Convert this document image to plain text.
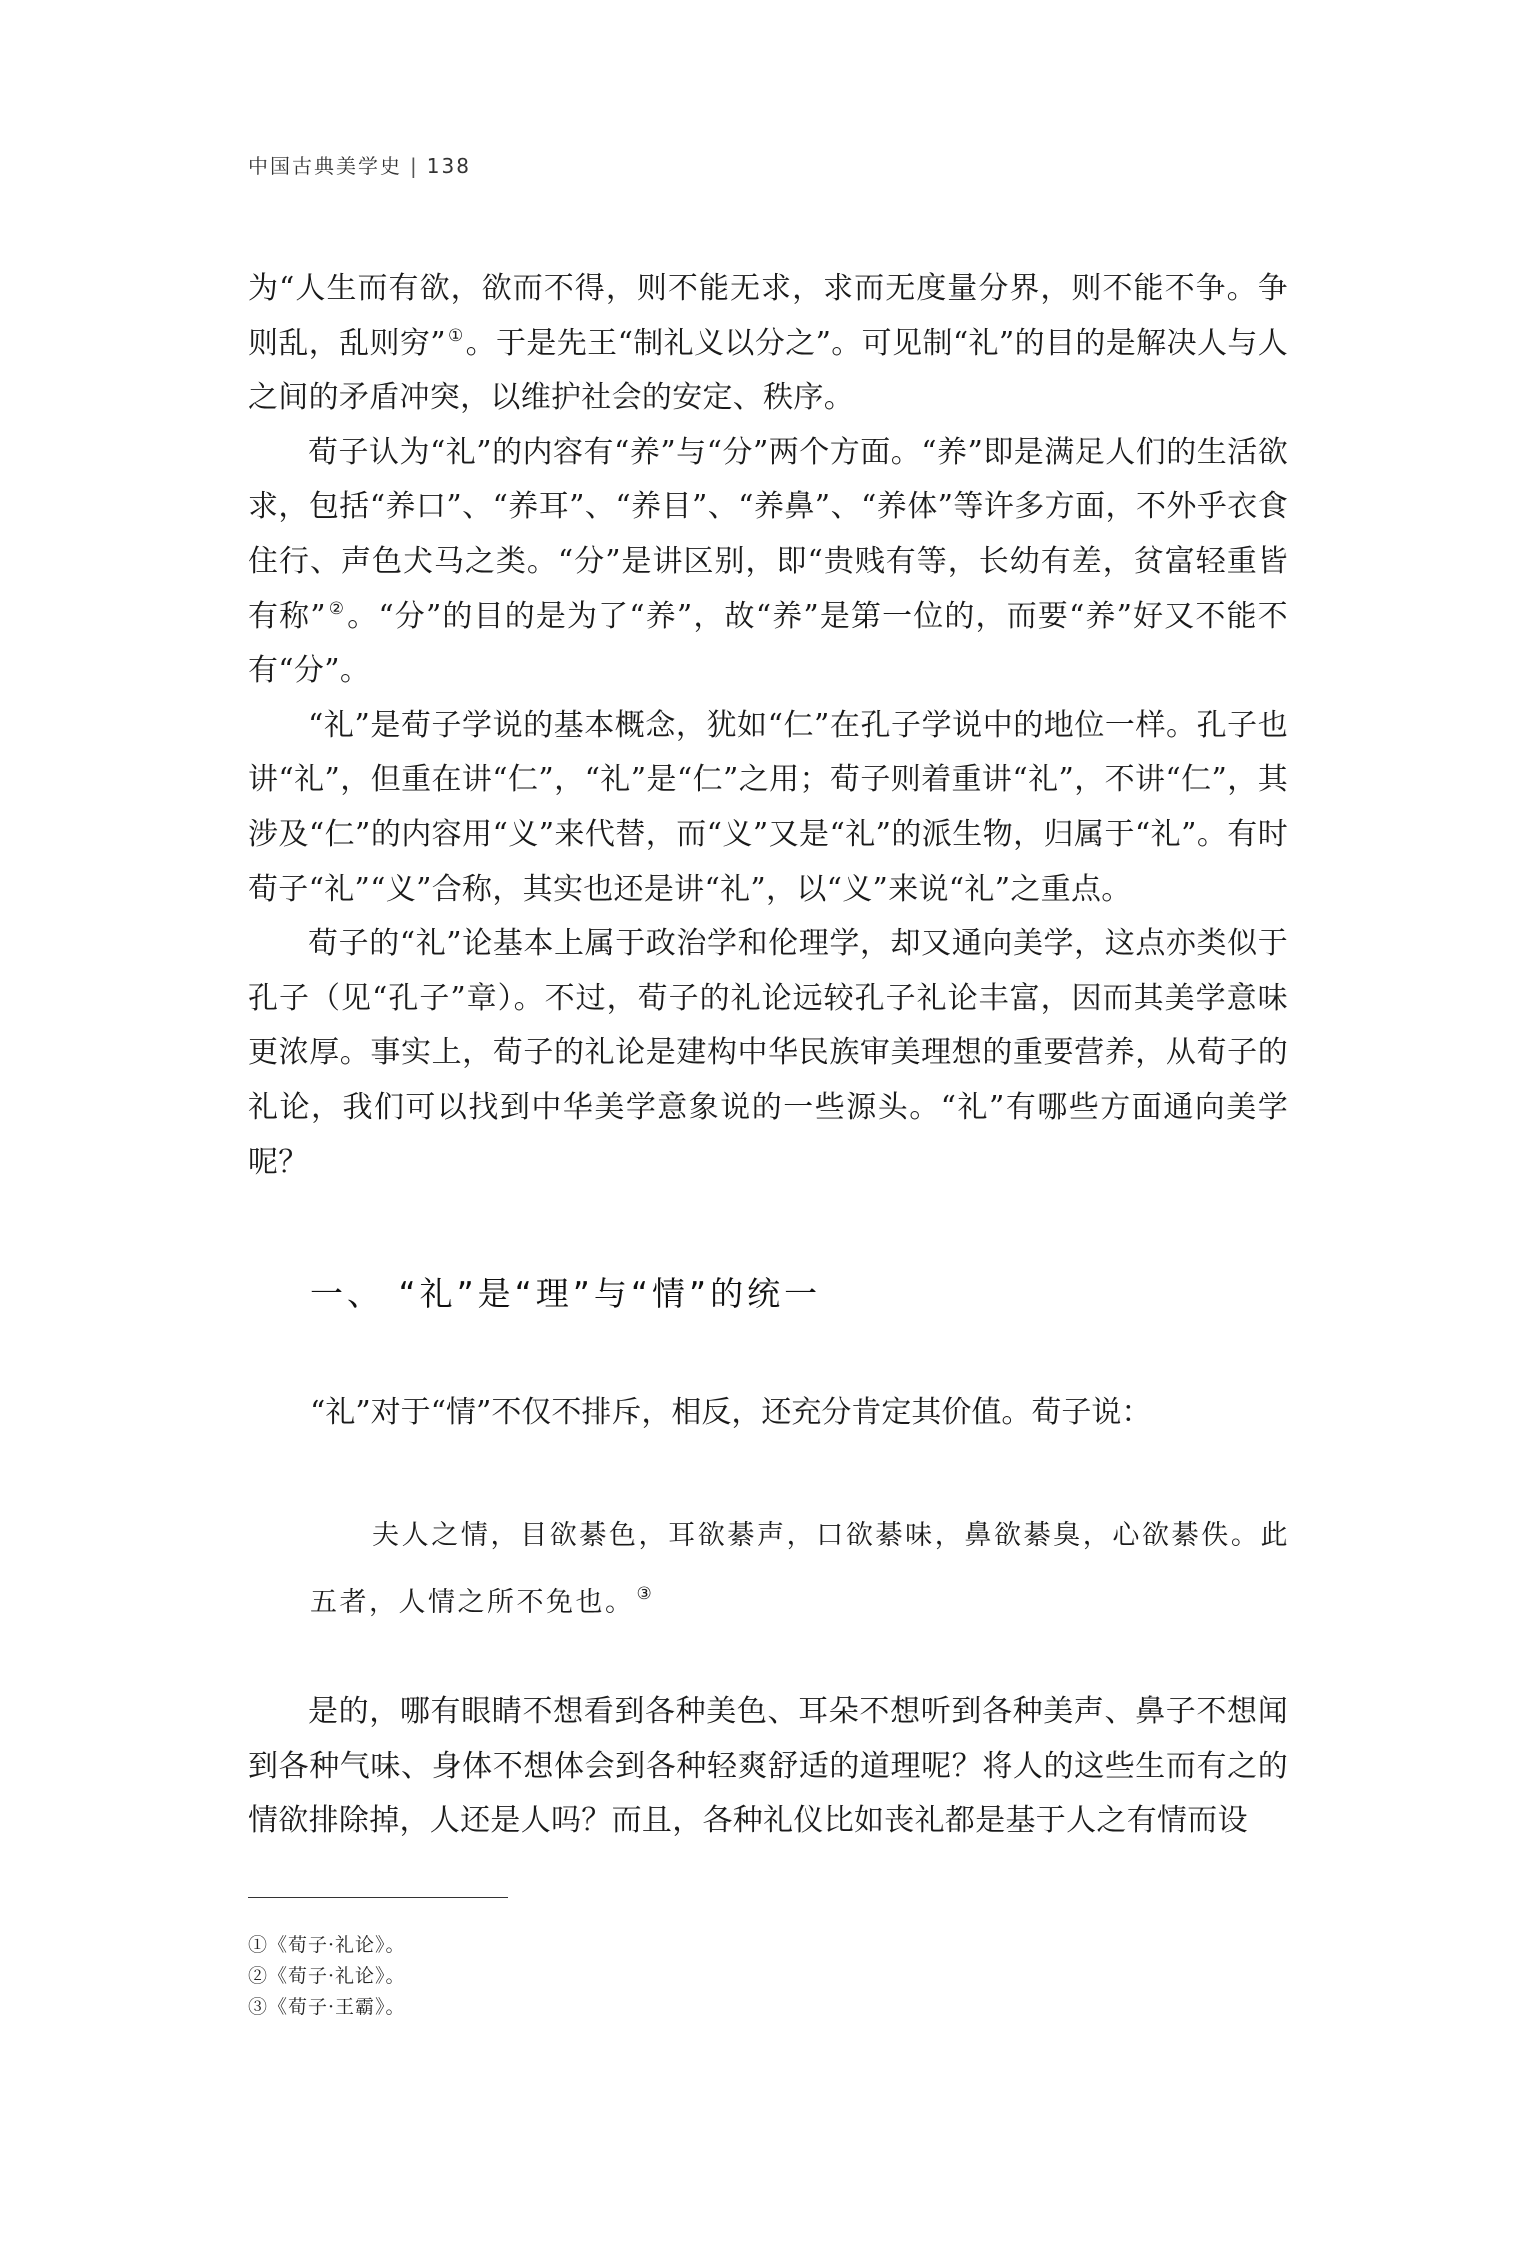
中国古典美学史 | 138

为“人生而有欲，欲而不得，则不能无求，求而无度量分界，则不能不争。争则乱，乱则穷” ①。于是先王“制礼义以分之”。可见制“礼”的目的是解决人与人之间的矛盾冲突，以维护社会的安定、秩序。

荀子认为“礼”的内容有“养”与“分”两个方面。“养”即是满足人们的生活欲求，包括“养口”、“养耳”、“养目”、“养鼻”、“养体”等许多方面，不外乎衣食住行、声色犬马之类。“分”是讲区别，即“贵贱有等，长幼有差，贫富轻重皆有称” ②。“分”的目的是为了“养”，故“养”是第一位的，而要“养”好又不能不有“分”。

“礼”是荀子学说的基本概念，犹如“仁”在孔子学说中的地位一样。孔子也讲“礼”，但重在讲“仁”，“礼”是“仁”之用；荀子则着重讲“礼”，不讲“仁”，其涉及“仁”的内容用“义”来代替，而“义”又是“礼”的派生物，归属于“礼”。有时荀子“礼”“义”合称，其实也还是讲“礼”，以“义”来说“礼”之重点。

荀子的“礼”论基本上属于政治学和伦理学，却又通向美学，这点亦类似于孔子（见“孔子”章）。不过，荀子的礼论远较孔子礼论丰富，因而其美学意味更浓厚。事实上，荀子的礼论是建构中华民族审美理想的重要营养，从荀子的礼论，我们可以找到中华美学意象说的一些源头。“礼”有哪些方面通向美学呢？

一、 “礼”是“理”与“情”的统一
“礼”对于“情”不仅不排斥，相反，还充分肯定其价值。荀子说：

夫人之情，目欲綦色，耳欲綦声，口欲綦味，鼻欲綦臭，心欲綦佚。此五者，人情之所不免也。 ③

是的，哪有眼睛不想看到各种美色、耳朵不想听到各种美声、鼻子不想闻到各种气味、身体不想体会到各种轻爽舒适的道理呢？将人的这些生而有之的情欲排除掉，人还是人吗？而且，各种礼仪比如丧礼都是基于人之有情而设

①《荀子·礼论》。
②《荀子·礼论》。
③《荀子·王霸》。
